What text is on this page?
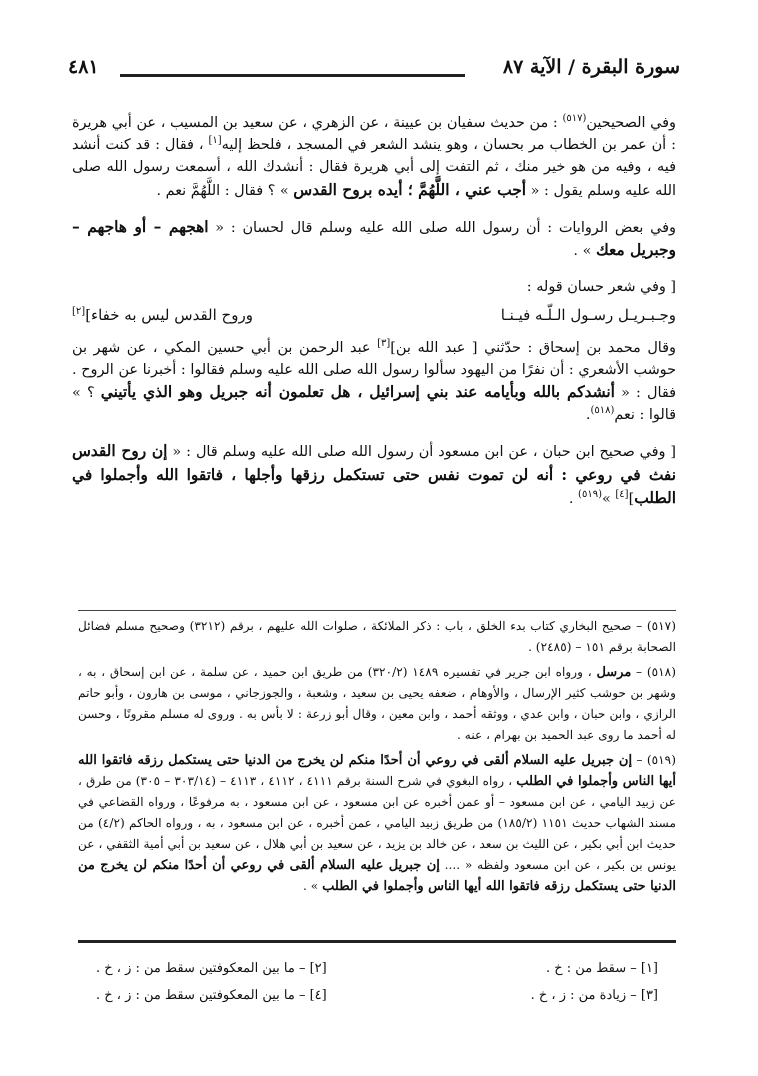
سورة البقرة / الآية ٨٧
٤٨١

وفي الصحيحين$^{(٥١٧)}$ : من حديث سفيان بن عيينة ، عن الزهري ، عن سعيد بن المسيب ، عن أبي هريرة : أن عمر بن الخطاب مر بحسان ، وهو ينشد الشعر في المسجد ، فلحظ إليه[١] ، فقال : قد كنت أنشد فيه ، وفيه من هو خير منك ، ثم التفت إلى أبي هريرة فقال : أنشدك الله ، أسمعت رسول الله صلى الله عليه وسلم يقول : « أجب عني ، اللَّهُمَّ ؛ أيده بروح القدس » ؟ فقال : اللَّهُمَّ نعم .

وفي بعض الروايات : أن رسول الله صلى الله عليه وسلم قال لحسان : « اهجهم – أو هاجهم – وجبريل معك » .

[ وفي شعر حسان قوله :

وجـبـريـل رسـول الـلّـه فيـنـا
وروح القدس ليس به خفاء][٢]

وقال محمد بن إسحاق : حدّثني [ عبد الله بن][٣] عبد الرحمن بن أبي حسين المكي ، عن شهر بن حوشب الأشعري : أن نفرًا من اليهود سألوا رسول الله صلى الله عليه وسلم فقالوا : أخبرنا عن الروح . فقال : « أنشدكم بالله وبأيامه عند بني إسرائيل ، هل تعلمون أنه جبريل وهو الذي يأتيني ؟ » قالوا : نعم$^{(٥١٨)}$.

[ وفي صحيح ابن حبان ، عن ابن مسعود أن رسول الله صلى الله عليه وسلم قال : « إن روح القدس نفث في روعي : أنه لن تموت نفس حتى تستكمل رزقها وأجلها ، فاتقوا الله وأجملوا في الطلب][٤] »$^{(٥١٩)}$ .

(٥١٧) – صحيح البخاري كتاب بدء الخلق ، باب : ذكر الملائكة ، صلوات الله عليهم ، برقم (٣٢١٢) وصحيح مسلم فضائل الصحابة برقم ١٥١ – (٢٤٨٥) .

(٥١٨) – مرسل ، ورواه ابن جرير في تفسيره ١٤٨٩ (٣٢٠/٢) من طريق ابن حميد ، عن سلمة ، عن ابن إسحاق ، به ، وشهر بن حوشب كثير الإرسال ، والأوهام ، ضعفه يحيى بن سعيد ، وشعبة ، والجوزجاني ، موسى بن هارون ، وأبو حاتم الرازي ، وابن حبان ، وابن عدي ، ووثقه أحمد ، وابن معين ، وقال أبو زرعة : لا بأس به . وروى له مسلم مقرونًا ، وحسن له أحمد ما روى عبد الحميد بن بهرام ، عنه .

(٥١٩) – إن جبريل عليه السلام ألقى في روعي أن أحدًا منكم لن يخرج من الدنيا حتى يستكمل رزقه فاتقوا الله أيها الناس وأجملوا في الطلب ، رواه البغوي في شرح السنة برقم ٤١١١ ، ٤١١٢ ، ٤١١٣ – (٣٠٣/١٤ – ٣٠٥) من طرق ، عن زبيد اليامي ، عن ابن مسعود – أو عمن أخبره عن ابن مسعود ، عن ابن مسعود ، به مرفوعًا ، ورواه القضاعي في مسند الشهاب حديث ١١٥١ (١٨٥/٢) من طريق زبيد اليامي ، عمن أخبره ، عن ابن مسعود ، به ، ورواه الحاكم (٤/٢) من حديث ابن أبي بكير ، عن الليث بن سعد ، عن خالد بن يزيد ، عن سعيد بن أبي هلال ، عن سعيد بن أبي أمية الثقفي ، عن يونس بن بكير ، عن ابن مسعود ولفظه « .... إن جبريل عليه السلام ألقى في روعي أن أحدًا منكم لن يخرج من الدنيا حتى يستكمل رزقه فاتقوا الله أيها الناس وأجملوا في الطلب » .

[١] – سقط من : خ .
[٢] – ما بين المعكوفتين سقط من : ز ، خ .
[٣] – زيادة من : ز ، خ .
[٤] – ما بين المعكوفتين سقط من : ز ، خ .
